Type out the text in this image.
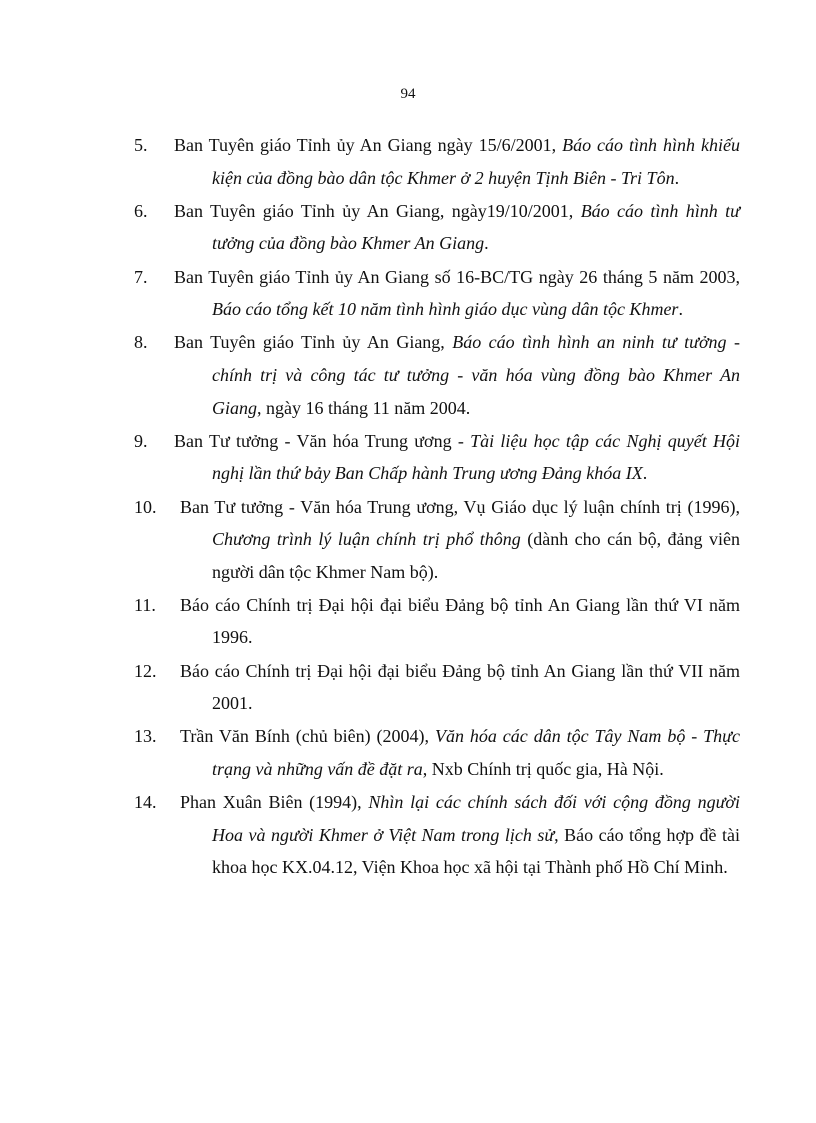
94
5.	Ban Tuyên giáo Tỉnh ủy An Giang ngày 15/6/2001, Báo cáo tình hình khiếu kiện của đồng bào dân tộc Khmer ở 2 huyện Tịnh Biên - Tri Tôn.
6.	Ban Tuyên giáo Tỉnh ủy An Giang, ngày19/10/2001, Báo cáo tình hình tư tưởng của đồng bào Khmer An Giang.
7.	Ban Tuyên giáo Tỉnh ủy An Giang số 16-BC/TG ngày 26 tháng 5 năm 2003, Báo cáo tổng kết 10 năm tình hình giáo dục vùng dân tộc Khmer.
8.	Ban Tuyên giáo Tỉnh ủy An Giang, Báo cáo tình hình an ninh tư tưởng - chính trị và công tác tư tưởng - văn hóa vùng đồng bào Khmer An Giang, ngày 16 tháng 11 năm 2004.
9.	Ban Tư tưởng - Văn hóa Trung ương - Tài liệu học tập các Nghị quyết Hội nghị lần thứ bảy Ban Chấp hành Trung ương Đảng khóa IX.
10.	Ban Tư tưởng - Văn hóa Trung ương, Vụ Giáo dục lý luận chính trị (1996), Chương trình lý luận chính trị phổ thông (dành cho cán bộ, đảng viên người dân tộc Khmer Nam bộ).
11.	Báo cáo Chính trị Đại hội đại biểu Đảng bộ tỉnh An Giang lần thứ VI năm 1996.
12.	Báo cáo Chính trị Đại hội đại biểu Đảng bộ tỉnh An Giang lần thứ VII năm 2001.
13.	Trần Văn Bính (chủ biên) (2004), Văn hóa các dân tộc Tây Nam bộ - Thực trạng và những vấn đề đặt ra, Nxb Chính trị quốc gia, Hà Nội.
14.	Phan Xuân Biên (1994), Nhìn lại các chính sách đối với cộng đồng người Hoa và người Khmer ở Việt Nam trong lịch sử, Báo cáo tổng hợp đề tài khoa học KX.04.12, Viện Khoa học xã hội tại Thành phố Hồ Chí Minh.
